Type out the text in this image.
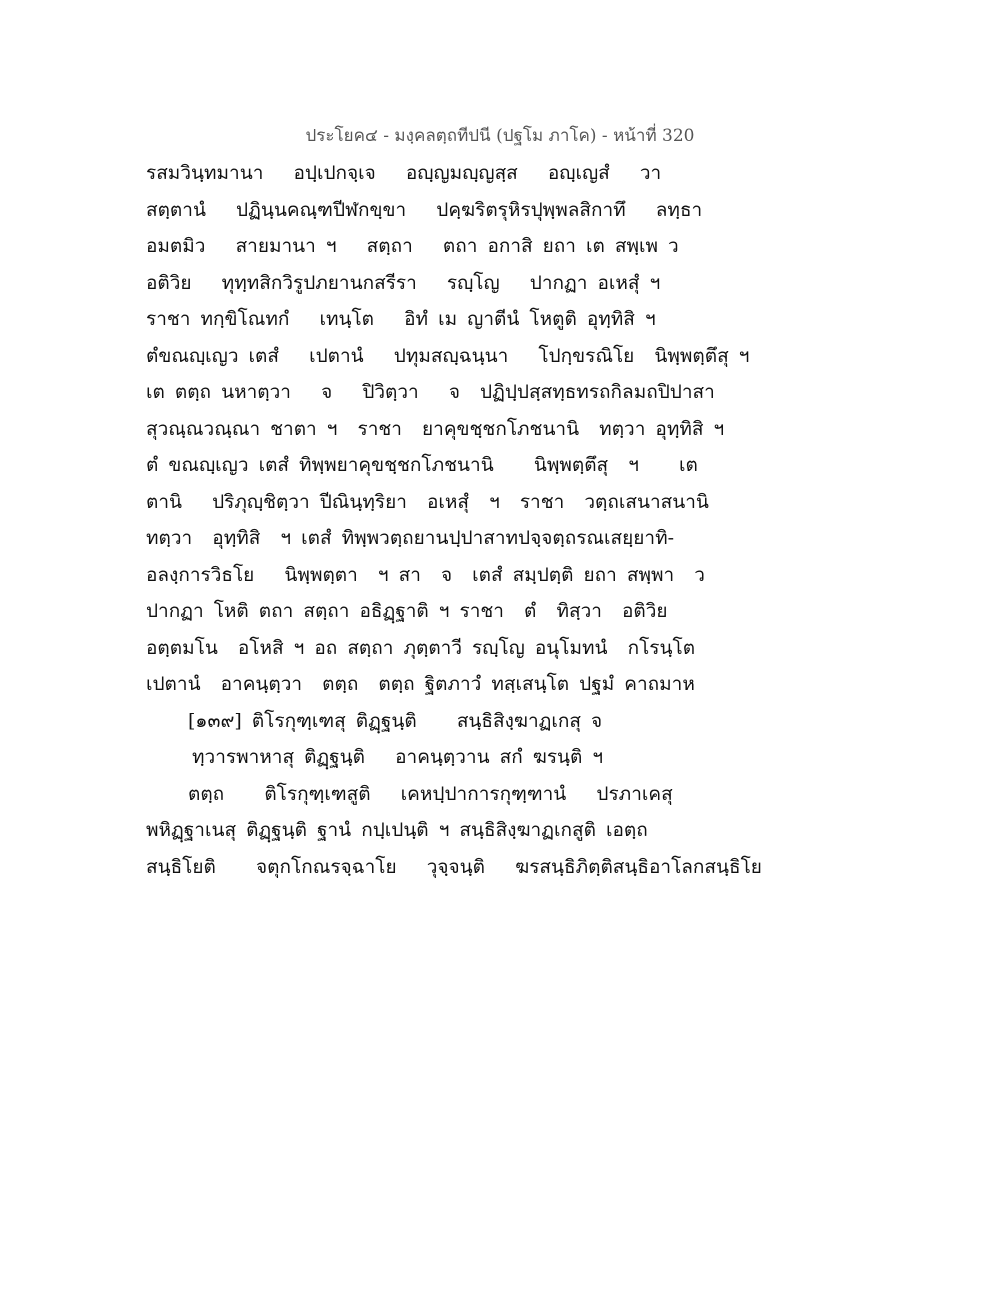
ประโยค๔ - มงฺคลตฺถทีปนี (ปฐโม ภาโค) - หน้าที่ 320
รสมวินฺทมานา   อปฺเปกจฺเจ   อญฺญมญฺญสฺส   อญฺเญสํ   วา
สตฺตานํ   ปฏินฺนคณฺฑปีฬกขฺขา   ปคฺฆริตรุหิรปุพฺพลสิกาทึ   ลทฺธา
อมตมิว   สายมานา ฯ   สตฺถา   ตถา อกาสิ ยถา เต สพฺเพ ว
อติวิย   ทุทฺทสิกวิรูปภยานกสรีรา   รญฺโญ   ปากฏา อเหสุํ ฯ
ราชา ทกฺขิโณทกํ   เทนฺโต   อิทํ เม ญาตีนํ โหตูติ อุทฺทิสิ ฯ
ตํขณญฺเญว เตสํ   เปตานํ   ปทุมสญฺฉนฺนา   โปกฺขรณิโย  นิพฺพตฺตึสุ ฯ
เต ตตฺถ นหาตฺวา   จ   ปิวิตฺวา   จ  ปฏิปฺปสฺสทฺธทรถกิลมถปิปาสา
สุวณฺณวณฺณา ชาตา ฯ  ราชา  ยาคุขชฺชกโภชนานิ  ทตฺวา อุทฺทิสิ ฯ
ตํ ขณญฺเญว เตสํ ทิพฺพยาคุขชฺชกโภชนานิ    นิพฺพตฺตึสุ  ฯ    เต
ตานิ   ปริภุญฺชิตฺวา ปีณินฺทฺริยา  อเหสุํ  ฯ  ราชา  วตฺถเสนาสนานิ
ทตฺวา  อุทฺทิสิ  ฯ เตสํ ทิพฺพวตฺถยานปฺปาสาทปจฺจตฺถรณเสยฺยาทิ-
อลงฺการวิธโย   นิพฺพตฺตา  ฯ สา  จ  เตสํ สมฺปตฺติ ยถา สพฺพา  ว
ปากฏา โหติ ตถา สตฺถา อธิฏฺฐาติ ฯ ราชา  ตํ  ทิสฺวา  อติวิย
อตฺตมโน  อโหสิ ฯ อถ สตฺถา ภุตฺตาวี รญฺโญ อนุโมทนํ  กโรนฺโต
เปตานํ  อาคนฺตฺวา  ตตฺถ  ตตฺถ ฐิตภาวํ ทสฺเสนฺโต ปฐมํ คาถมาห
[๑๓๙] ติโรกุฑฺเฑสุ ติฏฺฐนฺติ    สนฺธิสิงฺฆาฏเกสุ จ
ทฺวารพาหาสุ ติฏฺฐนฺติ   อาคนฺตฺวาน สกํ ฆรนฺติ ฯ
ตตฺถ    ติโรกุฑฺเฑสูติ   เคหปฺปาการกุฑฺฑานํ   ปรภาเคสุ
พหิฏฺฐาเนสุ ติฏฺฐนฺติ ฐานํ กปฺเปนฺติ ฯ สนฺธิสิงฺฆาฏเกสูติ เอตฺถ
สนฺธิโยติ    จตุกโกณรจฺฉาโย   วุจฺจนฺติ   ฆรสนฺธิภิตฺติสนฺธิอาโลกสนฺธิโย
